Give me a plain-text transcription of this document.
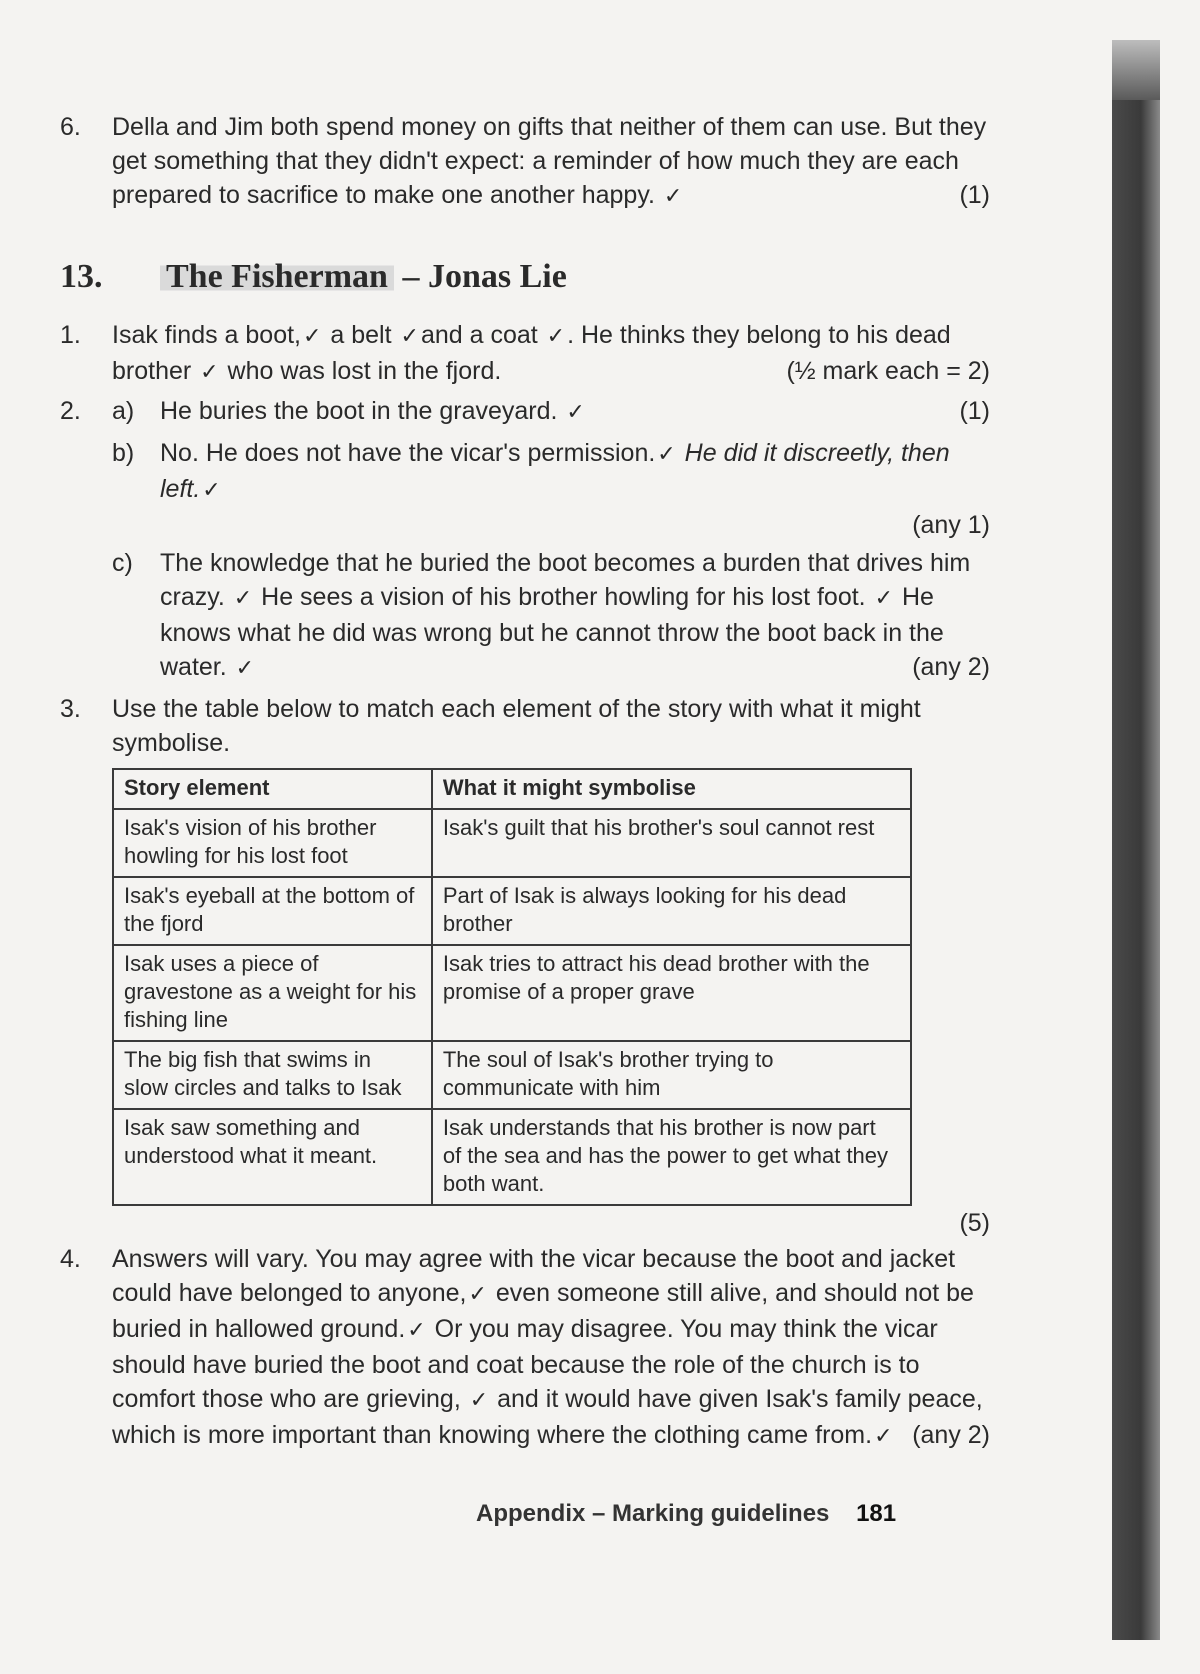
6.	Della and Jim both spend money on gifts that neither of them can use. But they get something that they didn't expect: a reminder of how much they are each prepared to sacrifice to make one another happy. ✓	(1)
13.	The Fisherman – Jonas Lie
1.	Isak finds a boot,✓ a belt ✓and a coat ✓. He thinks they belong to his dead brother ✓ who was lost in the fjord.	(½ mark each = 2)
2.	a)	He buries the boot in the graveyard. ✓	(1)
b)	No. He does not have the vicar's permission.✓ He did it discreetly, then left.✓
(any 1)
c)	The knowledge that he buried the boot becomes a burden that drives him crazy. ✓ He sees a vision of his brother howling for his lost foot. ✓ He knows what he did was wrong but he cannot throw the boot back in the water. ✓	(any 2)
3.	Use the table below to match each element of the story with what it might symbolise.
Story element	What it might symbolise
Isak's vision of his brother howling for his lost foot	Isak's guilt that his brother's soul cannot rest
Isak's eyeball at the bottom of the fjord	Part of Isak is always looking for his dead brother
Isak uses a piece of gravestone as a weight for his fishing line	Isak tries to attract his dead brother with the promise of a proper grave
The big fish that swims in slow circles and talks to Isak	The soul of Isak's brother trying to communicate with him
Isak saw something and understood what it meant.	Isak understands that his brother is now part of the sea and has the power to get what they both want.
(5)
4.	Answers will vary. You may agree with the vicar because the boot and jacket could have belonged to anyone,✓ even someone still alive, and should not be buried in hallowed ground.✓ Or you may disagree. You may think the vicar should have buried the boot and coat because the role of the church is to comfort those who are grieving, ✓ and it would have given Isak's family peace, which is more important than knowing where the clothing came from.✓ (any 2)
Appendix – Marking guidelines 181
